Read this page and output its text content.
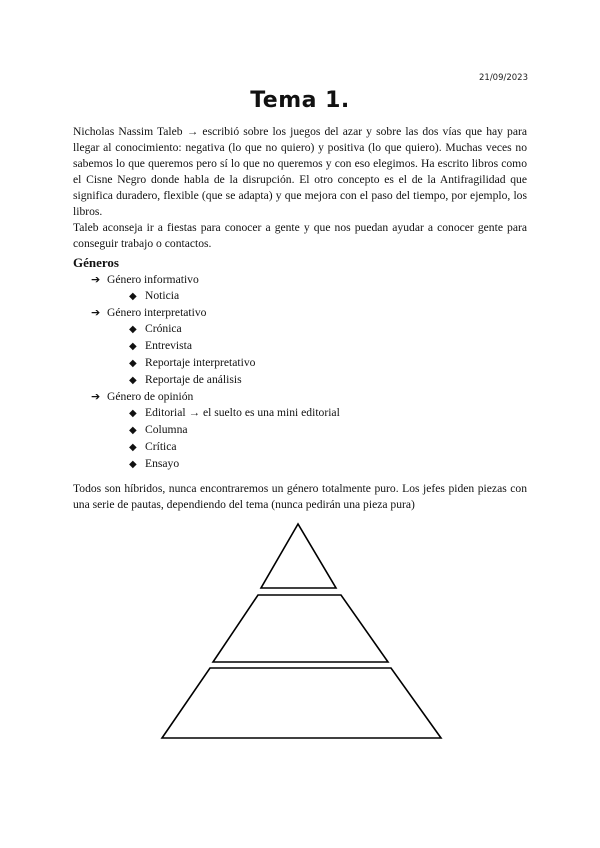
21/09/2023
Tema 1.

Nicholas Nassim Taleb → escribió sobre los juegos del azar y sobre las dos vías que hay para llegar al conocimiento: negativa (lo que no quiero) y positiva (lo que quiero). Muchas veces no sabemos lo que queremos pero sí lo que no queremos y con eso elegimos. Ha escrito libros como el Cisne Negro donde habla de la disrupción. El otro concepto es el de la Antifragilidad que significa duradero, flexible (que se adapta) y que mejora con el paso del tiempo, por ejemplo, los libros.

Taleb aconseja ir a fiestas para conocer a gente y que nos puedan ayudar a conocer gente para conseguir trabajo o contactos.

Géneros
➔ Género informativo
◆ Noticia
➔ Género interpretativo
◆ Crónica
◆ Entrevista
◆ Reportaje interpretativo
◆ Reportaje de análisis
➔ Género de opinión
◆ Editorial → el suelto es una mini editorial
◆ Columna
◆ Crítica
◆ Ensayo

Todos son híbridos, nunca encontraremos un género totalmente puro. Los jefes piden piezas con una serie de pautas, dependiendo del tema (nunca pedirán una pieza pura)
